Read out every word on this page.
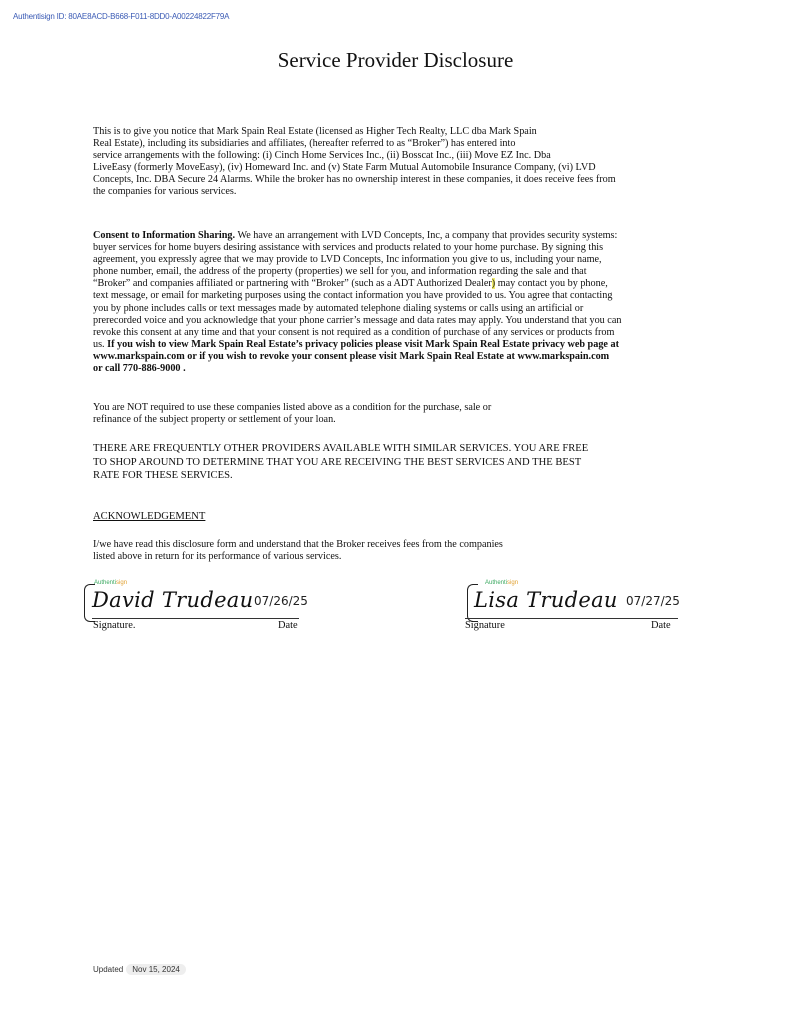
Authentisign ID: 80AE8ACD-B668-F011-8DD0-A00224822F79A
Service Provider Disclosure
This is to give you notice that Mark Spain Real Estate (licensed as Higher Tech Realty, LLC dba Mark Spain
Real Estate), including its subsidiaries and affiliates, (hereafter referred to as “Broker”) has entered into
service arrangements with the following: (i) Cinch Home Services Inc., (ii) Bosscat Inc., (iii) Move EZ Inc. Dba
LiveEasy (formerly MoveEasy), (iv) Homeward Inc. and (v) State Farm Mutual Automobile Insurance Company, (vi) LVD
Concepts, Inc. DBA Secure 24 Alarms. While the broker has no ownership interest in these companies, it does receive fees from
the companies for various services.
Consent to Information Sharing. We have an arrangement with LVD Concepts, Inc, a company that provides security systems:
buyer services for home buyers desiring assistance with services and products related to your home purchase. By signing this
agreement, you expressly agree that we may provide to LVD Concepts, Inc information you give to us, including your name,
phone number, email, the address of the property (properties) we sell for you, and information regarding the sale and that
“Broker” and companies affiliated or partnering with “Broker” (such as a ADT Authorized Dealer) may contact you by phone,
text message, or email for marketing purposes using the contact information you have provided to us. You agree that contacting
you by phone includes calls or text messages made by automated telephone dialing systems or calls using an artificial or
prerecorded voice and you acknowledge that your phone carrier’s message and data rates may apply. You understand that you can
revoke this consent at any time and that your consent is not required as a condition of purchase of any services or products from
us. If you wish to view Mark Spain Real Estate’s privacy policies please visit Mark Spain Real Estate privacy web page at
www.markspain.com or if you wish to revoke your consent please visit Mark Spain Real Estate at www.markspain.com
or call 770-886-9000 .
You are NOT required to use these companies listed above as a condition for the purchase, sale or
refinance of the subject property or settlement of your loan.
THERE ARE FREQUENTLY OTHER PROVIDERS AVAILABLE WITH SIMILAR SERVICES. YOU ARE FREE
TO SHOP AROUND TO DETERMINE THAT YOU ARE RECEIVING THE BEST SERVICES AND THE BEST
RATE FOR THESE SERVICES.
ACKNOWLEDGEMENT
I/we have read this disclosure form and understand that the Broker receives fees from the companies
listed above in return for its performance of various services.
Authentisign
David Trudeau 07/26/25
Signature.	Date
Authentisign
Lisa Trudeau 07/27/25
Signature	Date
Updated Nov 15, 2024
